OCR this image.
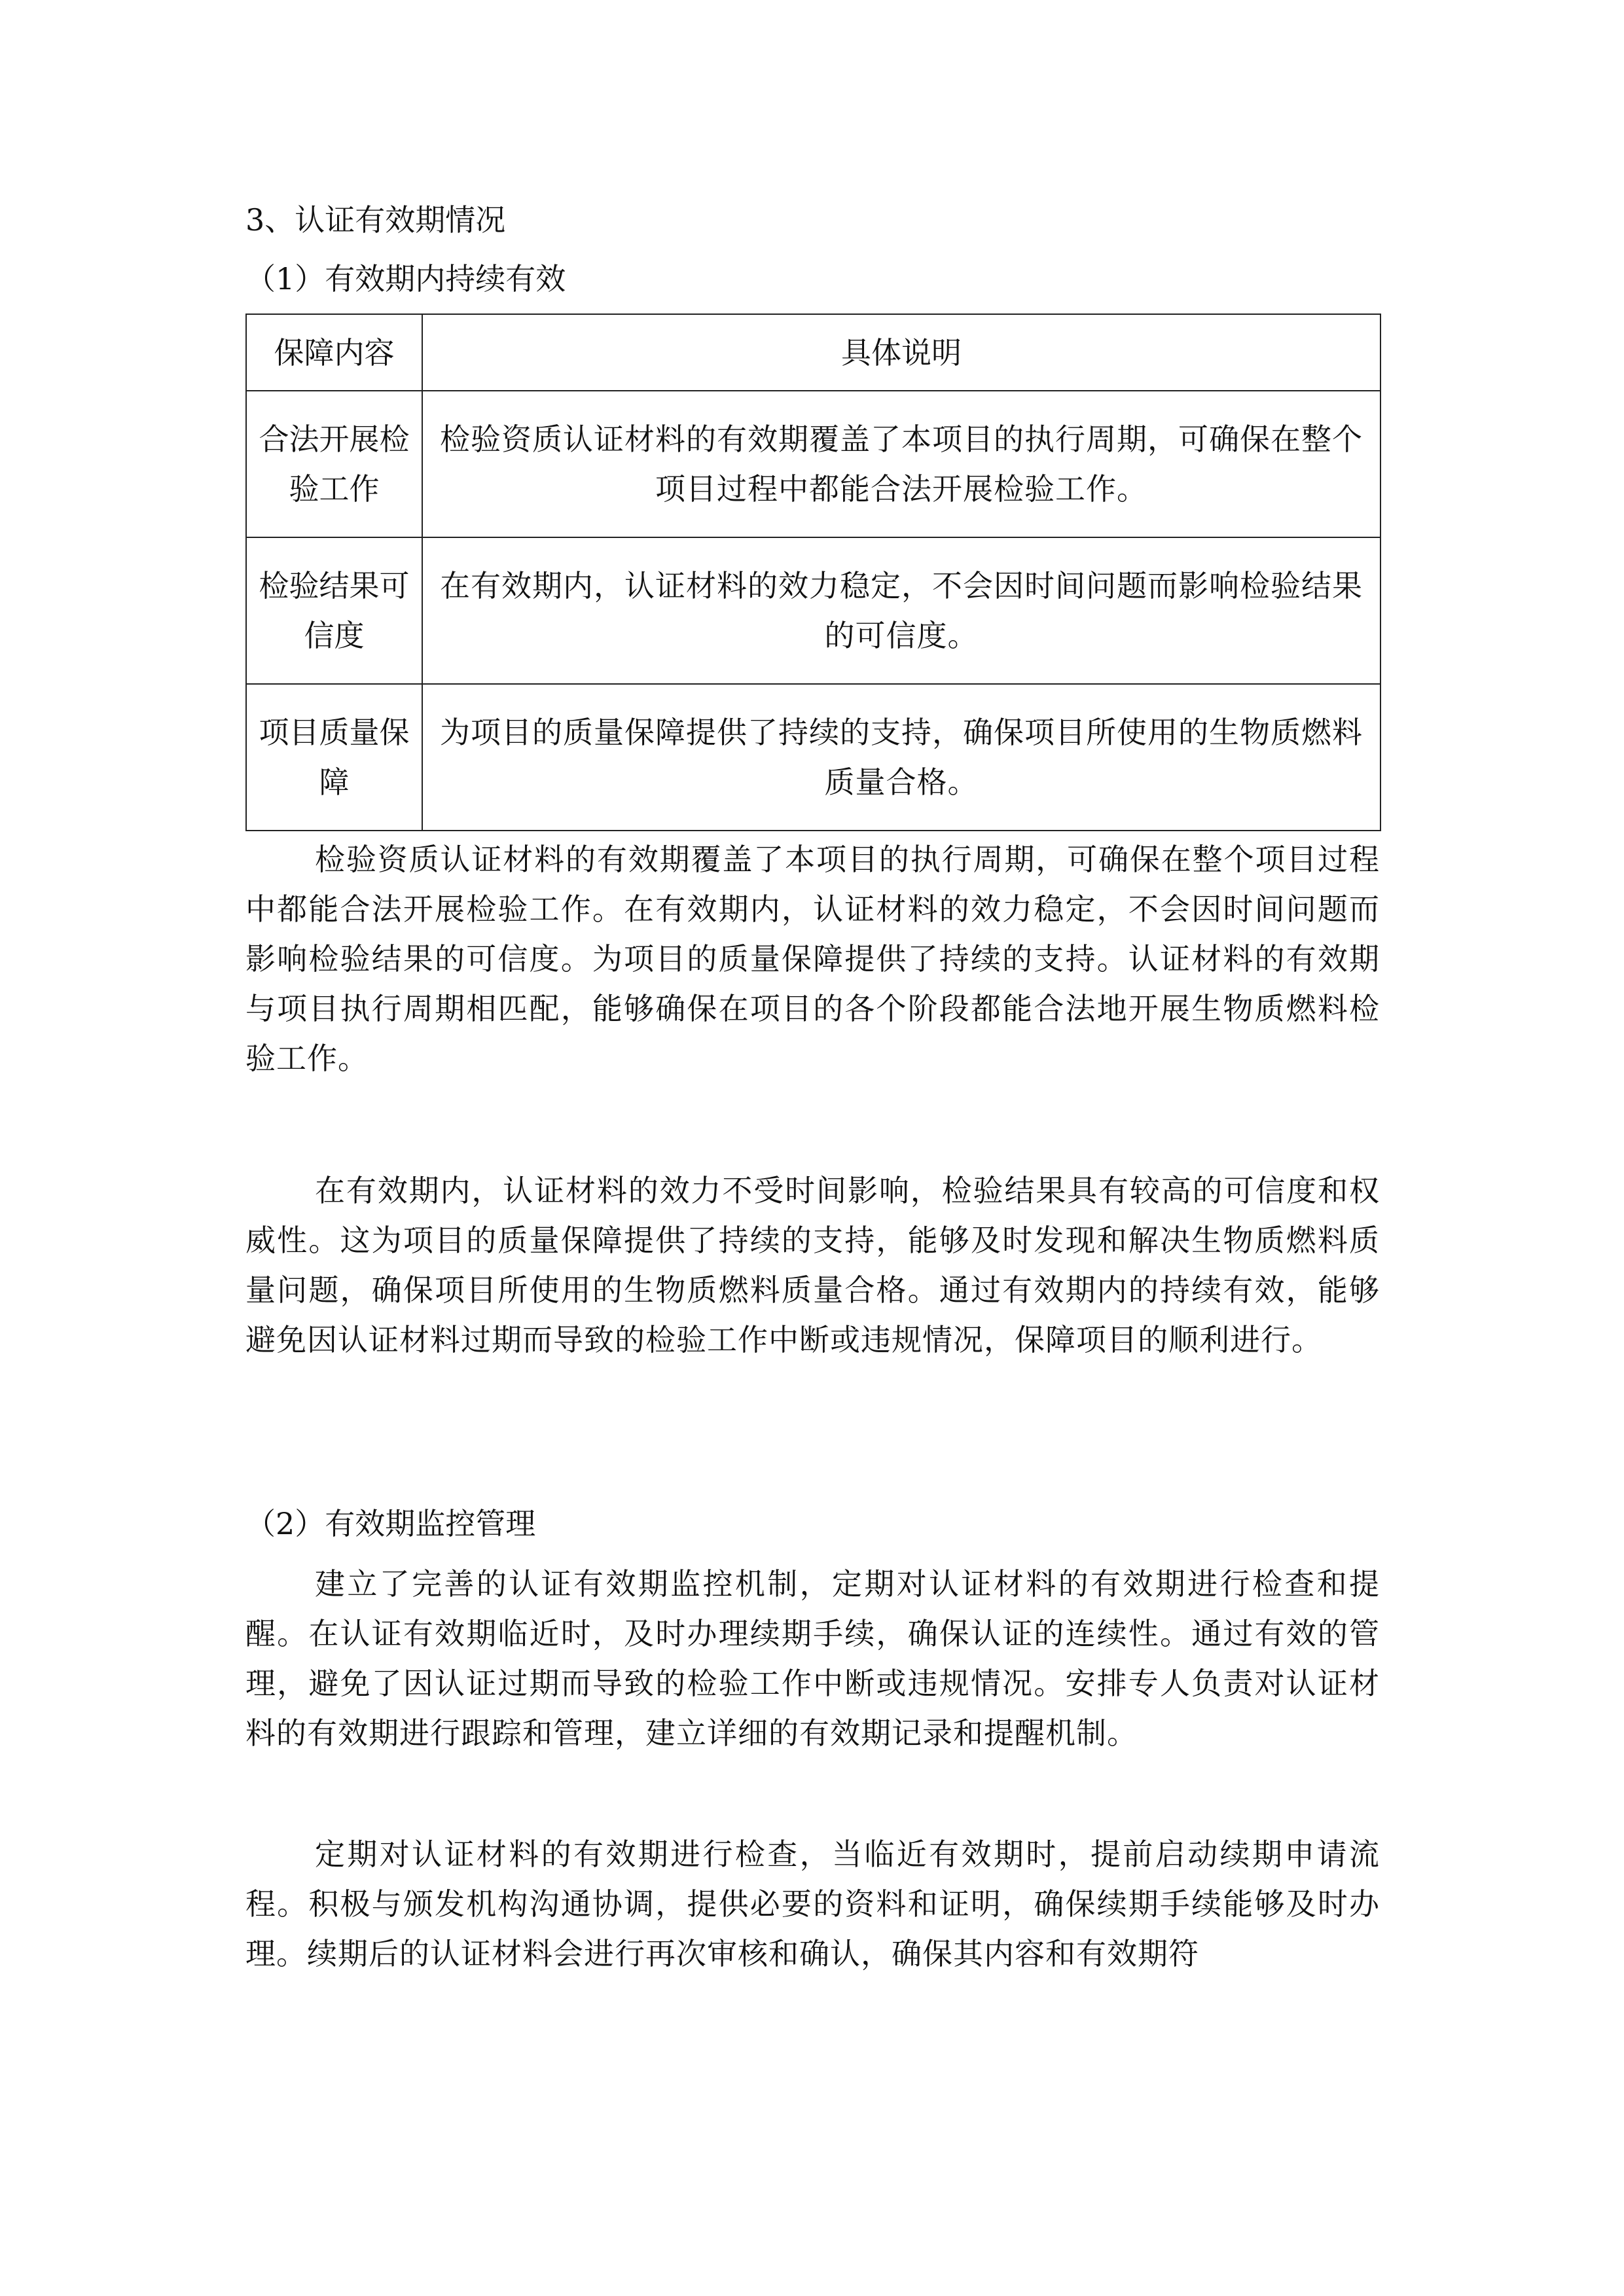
3、认证有效期情况
（1）有效期内持续有效
保障内容	具体说明
合法开展检验工作	检验资质认证材料的有效期覆盖了本项目的执行周期，可确保在整个项目过程中都能合法开展检验工作。
检验结果可信度	在有效期内，认证材料的效力稳定，不会因时间问题而影响检验结果的可信度。
项目质量保障	为项目的质量保障提供了持续的支持，确保项目所使用的生物质燃料质量合格。

检验资质认证材料的有效期覆盖了本项目的执行周期，可确保在整个项目过程中都能合法开展检验工作。在有效期内，认证材料的效力稳定，不会因时间问题而影响检验结果的可信度。为项目的质量保障提供了持续的支持。认证材料的有效期与项目执行周期相匹配，能够确保在项目的各个阶段都能合法地开展生物质燃料检验工作。

在有效期内，认证材料的效力不受时间影响，检验结果具有较高的可信度和权威性。这为项目的质量保障提供了持续的支持，能够及时发现和解决生物质燃料质量问题，确保项目所使用的生物质燃料质量合格。通过有效期内的持续有效，能够避免因认证材料过期而导致的检验工作中断或违规情况，保障项目的顺利进行。

（2）有效期监控管理

建立了完善的认证有效期监控机制，定期对认证材料的有效期进行检查和提醒。在认证有效期临近时，及时办理续期手续，确保认证的连续性。通过有效的管理，避免了因认证过期而导致的检验工作中断或违规情况。安排专人负责对认证材料的有效期进行跟踪和管理，建立详细的有效期记录和提醒机制。

定期对认证材料的有效期进行检查，当临近有效期时，提前启动续期申请流程。积极与颁发机构沟通协调，提供必要的资料和证明，确保续期手续能够及时办理。续期后的认证材料会进行再次审核和确认，确保其内容和有效期符
